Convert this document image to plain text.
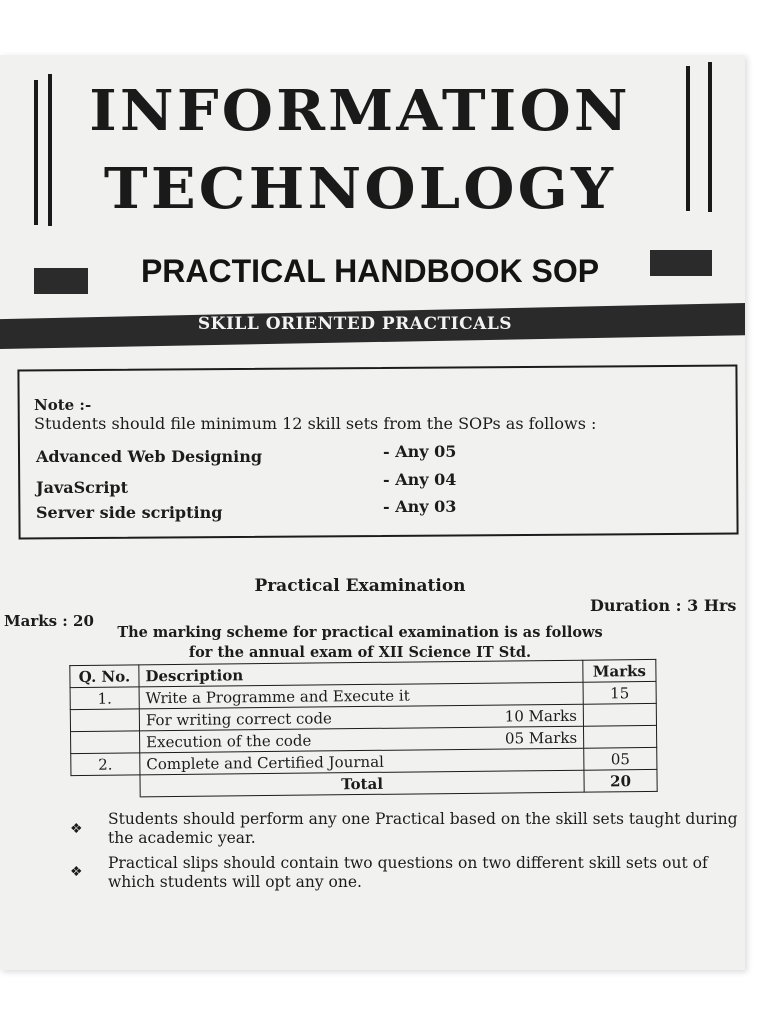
INFORMATION
TECHNOLOGY
PRACTICAL HANDBOOK SOP
SKILL ORIENTED PRACTICALS
Note :-
Students should file minimum 12 skill sets from the SOPs as follows :
Advanced Web Designing	- Any 05
JavaScript	- Any 04
Server side scripting	- Any 03
Practical Examination
Marks : 20
Duration : 3 Hrs
The marking scheme for practical examination is as follows
for the annual exam of XII Science IT Std.
Q. No.	Description	Marks
1.	Write a Programme and Execute it	15
	For writing correct code 10 Marks	

	Execution of the code 05 Marks	

2.	Complete and Certified Journal	05
	Total	20
❖
Students should perform any one Practical based on the skill sets taught during the academic year.
❖ Practical slips should contain two questions on two different skill sets out of which students will opt any one.
